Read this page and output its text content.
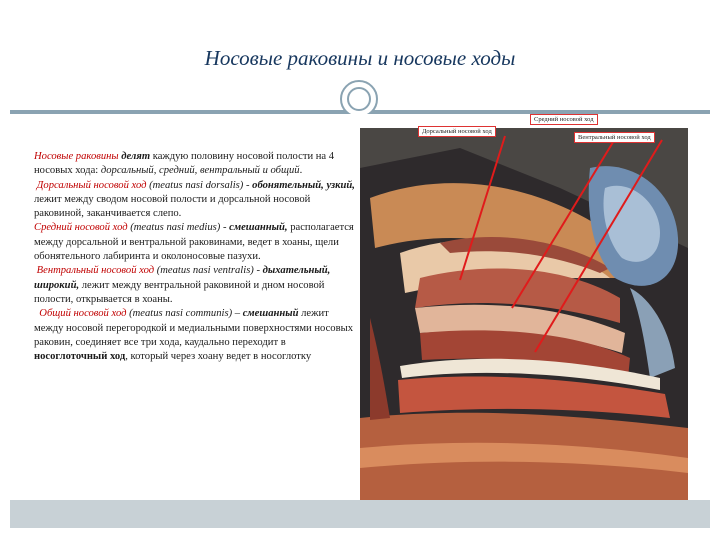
Носовые раковины и носовые ходы

Носовые раковины делят каждую половину носовой полости на 4 носовых хода: дорсальный, средний, вентральный и общий.

Дорсальный носовой ход (meatus nasi dorsalis) - обонятельный, узкий, лежит между сводом носовой полости и дорсальной носовой раковиной, заканчивается слепо.

Средний носовой ход (meatus nasi medius) - смешанный, располагается между дорсальной и вентральной раковинами, ведет в хоаны, щели обонятельного лабиринта и околоносовые пазухи.

Вентральный носовой ход (meatus nasi ventralis) - дыхательный, широкий, лежит между вентральной раковиной и дном носовой полости, открывается в хоаны.

Общий носовой ход (meatus nasi communis) – смешанный лежит между носовой перегородкой и медиальными поверхностями носовых раковин, соединяет все три хода, каудально переходит в носоглоточный ход, который через хоану ведет в носоглотку

Средний носовой ход
Дорсальный носовой ход
Вентральный носовой ход
